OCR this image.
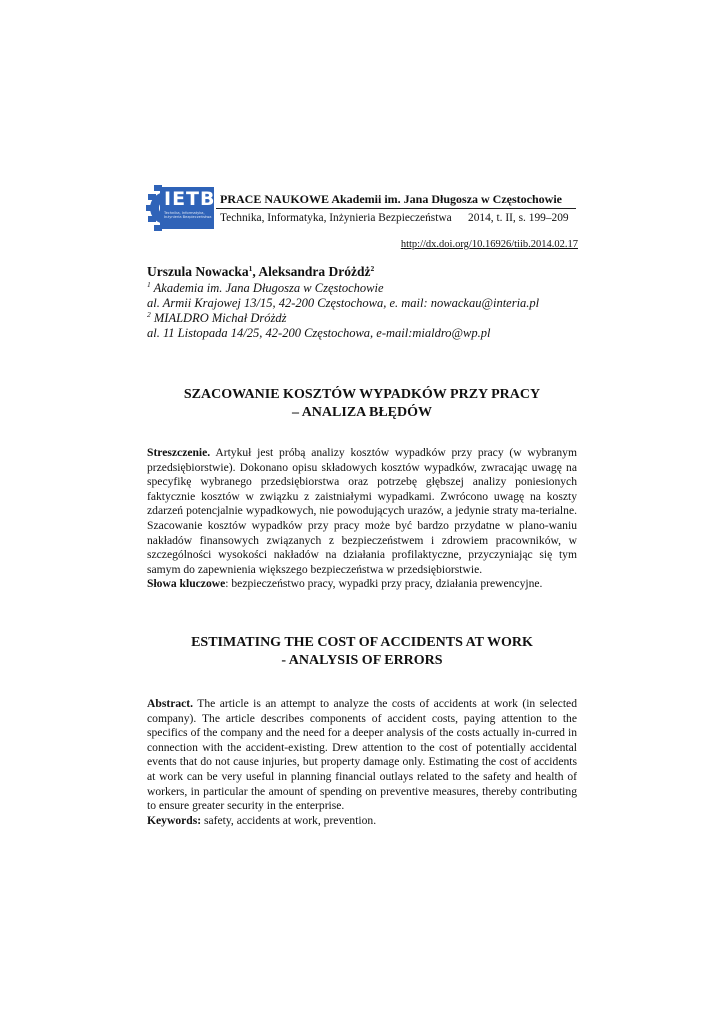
IETB
Technika, Informatyka, Inżynieria Bezpieczeństwa
PRACE NAUKOWE Akademii im. Jana Długosza w Częstochowie
Technika, Informatyka, Inżynieria Bezpieczeństwa 2014, t. II, s. 199–209
http://dx.doi.org/10.16926/tiib.2014.02.17
Urszula Nowacka$^1$, Aleksandra Dróżdż$^2$
$^1$ Akademia im. Jana Długosza w Częstochowie
al. Armii Krajowej 13/15, 42-200 Częstochowa, e. mail: nowackau@interia.pl
$^2$ MIALDRO Michał Dróżdż
al. 11 Listopada 14/25, 42-200 Częstochowa, e-mail:mialdro@wp.pl
SZACOWANIE KOSZTÓW WYPADKÓW PRZY PRACY
– ANALIZA BŁĘDÓW
Streszczenie. Artykuł jest próbą analizy kosztów wypadków przy pracy (w wybranym przedsiębiorstwie). Dokonano opisu składowych kosztów wypadków, zwracając uwagę na specyfikę wybranego przedsiębiorstwa oraz potrzebę głębszej analizy poniesionych faktycznie kosztów w związku z zaistniałymi wypadkami. Zwrócono uwagę na koszty zdarzeń potencjalnie wypadkowych, nie powodujących urazów, a jedynie straty ma-terialne. Szacowanie kosztów wypadków przy pracy może być bardzo przydatne w plano-waniu nakładów finansowych związanych z bezpieczeństwem i zdrowiem pracowników, w szczególności wysokości nakładów na działania profilaktyczne, przyczyniając się tym samym do zapewnienia większego bezpieczeństwa w przedsiębiorstwie.
Słowa kluczowe: bezpieczeństwo pracy, wypadki przy pracy, działania prewencyjne.
ESTIMATING THE COST OF ACCIDENTS AT WORK
- ANALYSIS OF ERRORS
Abstract. The article is an attempt to analyze the costs of accidents at work (in selected company). The article describes components of accident costs, paying attention to the specifics of the company and the need for a deeper analysis of the costs actually in-curred in connection with the accident-existing. Drew attention to the cost of potentially accidental events that do not cause injuries, but property damage only. Estimating the cost of accidents at work can be very useful in planning financial outlays related to the safety and health of workers, in particular the amount of spending on preventive measures, thereby contributing to ensure greater security in the enterprise.
Keywords: safety, accidents at work, prevention.
